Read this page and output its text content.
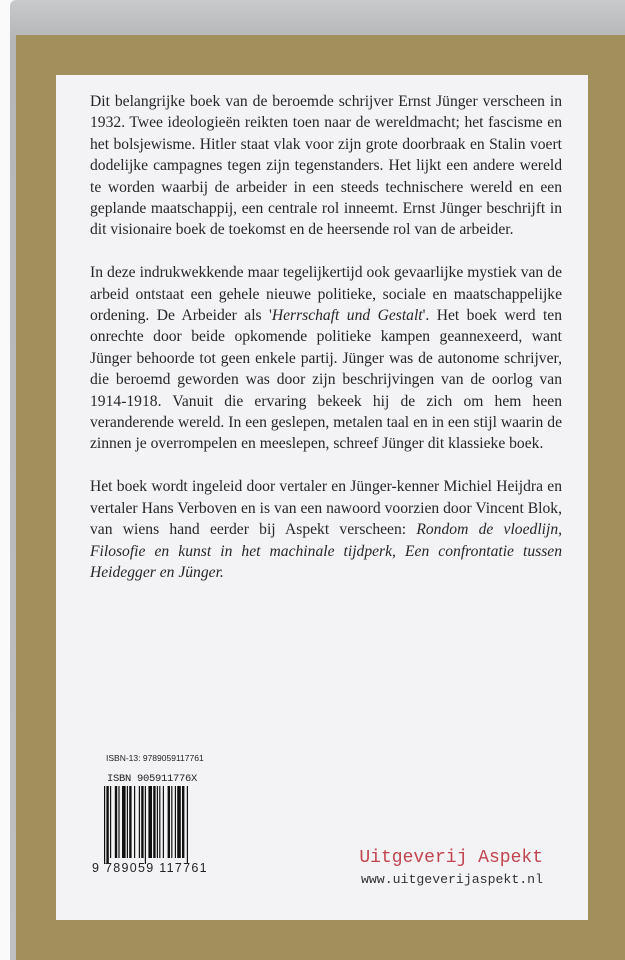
Dit belangrijke boek van de beroemde schrijver Ernst Jünger verscheen in 1932. Twee ideologieën reikten toen naar de wereldmacht; het fascisme en het bolsjewisme. Hitler staat vlak voor zijn grote doorbraak en Stalin voert dodelijke campagnes tegen zijn tegenstanders. Het lijkt een andere wereld te worden waarbij de arbeider in een steeds technischere wereld en een geplande maatschappij, een centrale rol inneemt. Ernst Jünger beschrijft in dit visionaire boek de toekomst en de heersende rol van de arbeider.

In deze indrukwekkende maar tegelijkertijd ook gevaarlijke mystiek van de arbeid ontstaat een gehele nieuwe politieke, sociale en maatschappelijke ordening. De Arbeider als 'Herrschaft und Gestalt'. Het boek werd ten onrechte door beide opkomende politieke kampen geannexeerd, want Jünger behoorde tot geen enkele partij. Jünger was de autonome schrijver, die beroemd geworden was door zijn beschrijvingen van de oorlog van 1914-1918. Vanuit die ervaring bekeek hij de zich om hem heen veranderende wereld. In een geslepen, metalen taal en in een stijl waarin de zinnen je overrompelen en meeslepen, schreef Jünger dit klassieke boek.

Het boek wordt ingeleid door vertaler en Jünger-kenner Michiel Heijdra en vertaler Hans Verboven en is van een nawoord voorzien door Vincent Blok, van wiens hand eerder bij Aspekt verscheen: Rondom de vloedlijn, Filosofie en kunst in het machinale tijdperk, Een confrontatie tussen Heidegger en Jünger.

ISBN-13: 9789059117761
ISBN 905911776X
9 789059 117761	Uitgeverij Aspekt
www.uitgeverijaspekt.nl
